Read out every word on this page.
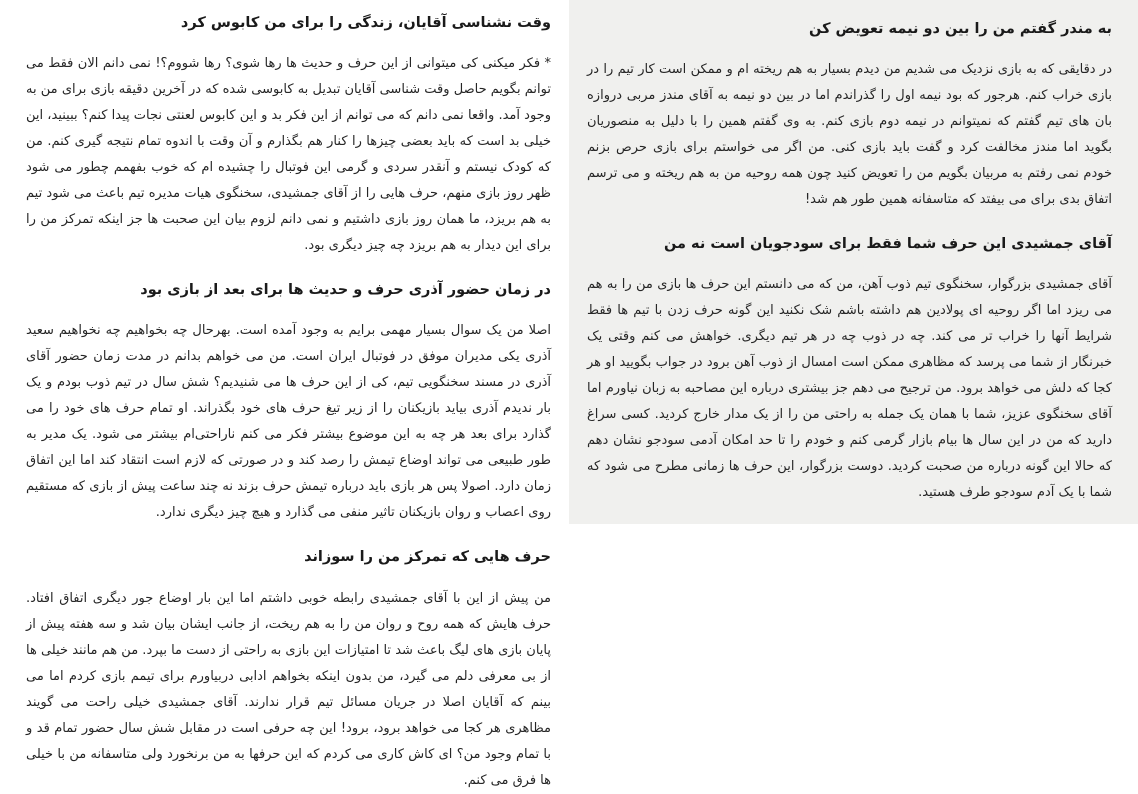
وقت نشناسی آقایان، زندگی را برای من کابوس کرد

* فکر میکنی کی میتوانی از این حرف و حدیث ها رها شوی؟ رها شووم؟! نمی دانم الان فقط می توانم بگویم حاصل وقت شناسی آقایان تبدیل به کابوسی شده که در آخرین دقیقه بازی برای من به وجود آمد. واقعا نمی دانم که می توانم از این فکر بد و این کابوس لعنتی نجات پیدا کنم؟ ببینید، این خیلی بد است که باید بعضی چیزها را کنار هم بگذارم و آن وقت با اندوه تمام نتیجه گیری کنم. من که کودک نیستم و آنقدر سردی و گرمی این فوتبال را چشیده ام که خوب بفهمم چطور می شود ظهر روز بازی منهم، حرف هایی را از آقای جمشیدی، سخنگوی هیات مدیره تیم باعث می شود تیم به هم بریزد، ما همان روز بازی داشتیم و نمی دانم لزوم بیان این صحبت ها جز اینکه تمرکز من را برای این دیدار به هم بریزد چه چیز دیگری بود.

در زمان حضور آذری حرف و حدیث ها برای بعد از بازی بود

اصلا من یک سوال بسیار مهمی برایم به وجود آمده است. بهرحال چه بخواهیم چه نخواهیم سعید آذری یکی مدیران موفق در فوتبال ایران است. من می خواهم بدانم در مدت زمان حضور آقای آذری در مسند سخنگویی تیم، کی از این حرف ها می شنیدیم؟ شش سال در تیم ذوب بودم و یک بار ندیدم آذری بیاید بازیکنان را از زیر تیغ حرف های خود بگذراند. او تمام حرف های خود را می گذارد برای بعد هر چه به این موضوع بیشتر فکر می کنم ناراحتی‌ام بیشتر می شود. یک مدیر به طور طبیعی می تواند اوضاع تیمش را رصد کند و در صورتی که لازم است انتقاد کند اما این اتفاق زمان دارد. اصولا پس هر بازی باید درباره تیمش حرف بزند نه چند ساعت پیش از بازی که مستقیم روی اعصاب و روان بازیکنان تاثیر منفی می گذارد و هیچ چیز دیگری ندارد.

حرف هایی که تمرکز من را سوزاند

من پیش از این با آقای جمشیدی رابطه خوبی داشتم اما این بار اوضاع جور دیگری اتفاق افتاد. حرف هایش که همه روح و روان من را به هم ریخت، از جانب ایشان بیان شد و سه هفته پیش از پایان بازی های لیگ باعث شد تا امتیازات این بازی به راحتی از دست ما بپرد. من هم مانند خیلی ها از بی معرفی دلم می گیرد، من بدون اینکه بخواهم ادابی دربیاورم برای تیمم بازی کردم اما می بینم که آقایان اصلا در جریان مسائل تیم قرار ندارند. آقای جمشیدی خیلی راحت می گویند مظاهری هر کجا می خواهد برود، برود! این چه حرفی است در مقابل شش سال حضور تمام قد و با تمام وجود من؟ ای کاش کاری می کردم که این حرفها به من برنخورد ولی متاسفانه من با خیلی ها فرق می کنم.

به مندر گفتم من را بین دو نیمه تعویض کن

در دقایقی که به بازی نزدیک می شدیم من دیدم بسیار به هم ریخته ام و ممکن است کار تیم را در بازی خراب کنم. هرجور که بود نیمه اول را گذراندم اما در بین دو نیمه به آقای مندز مربی دروازه بان های تیم گفتم که نمیتوانم در نیمه دوم بازی کنم. به وی گفتم همین را با دلیل به منصوریان بگوید اما مندز مخالفت کرد و گفت باید بازی کنی. من اگر می خواستم برای بازی حرص بزنم خودم نمی رفتم به مربیان بگویم من را تعویض کنید چون همه روحیه من به هم ریخته و می ترسم اتفاق بدی برای می بیفتد که متاسفانه همین طور هم شد!

آقای جمشیدی این حرف شما فقط برای سودجویان است نه من

آقای جمشیدی بزرگوار، سخنگوی تیم ذوب آهن، من که می دانستم این حرف ها بازی من را به هم می ریزد اما اگر روحیه ای پولادین هم داشته باشم شک نکنید این گونه حرف زدن با تیم ها فقط شرایط آنها را خراب تر می کند. چه در ذوب چه در هر تیم دیگری. خواهش می کنم وقتی یک خبرنگار از شما می پرسد که مظاهری ممکن است امسال از ذوب آهن برود در جواب بگویید او هر کجا که دلش می خواهد برود. من ترجیح می دهم جز بیشتری درباره این مصاحبه به زبان نیاورم اما آقای سخنگوی عزیز، شما با همان یک جمله به راحتی من را از یک مدار خارج کردید. کسی سراغ دارید که من در این سال ها بیام بازار گرمی کنم و خودم را تا حد امکان آدمی سودجو نشان دهم که حالا این گونه درباره من صحبت کردید. دوست بزرگوار، این حرف ها زمانی مطرح می شود که شما با یک آدم سودجو طرف هستید.
